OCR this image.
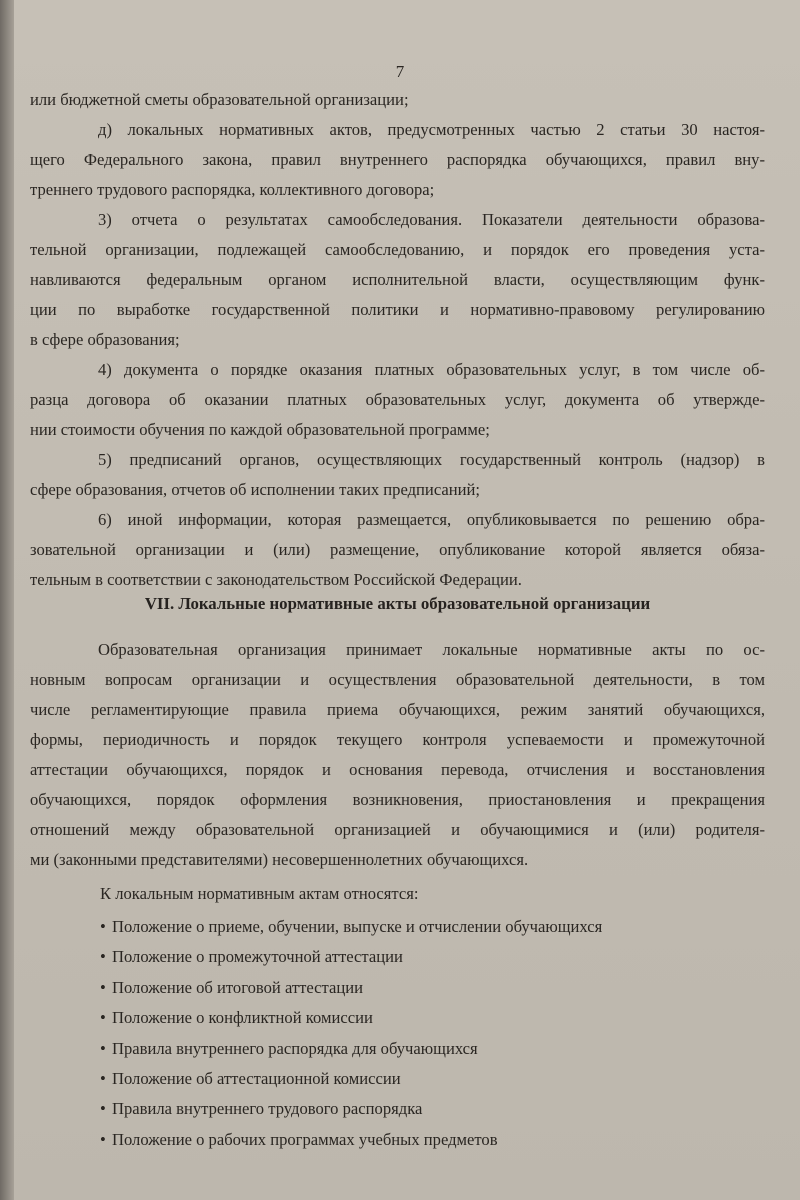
7
или бюджетной сметы образовательной организации;
д) локальных нормативных актов, предусмотренных частью 2 статьи 30 настоя-
щего Федерального закона, правил внутреннего распорядка обучающихся, правил вну-
треннего трудового распорядка, коллективного договора;
3) отчета о результатах самообследования. Показатели деятельности образова-
тельной организации, подлежащей самообследованию, и порядок его проведения уста-
навливаются федеральным органом исполнительной власти, осуществляющим функ-
ции по выработке государственной политики и нормативно-правовому регулированию
в сфере образования;
4) документа о порядке оказания платных образовательных услуг, в том числе об-
разца договора об оказании платных образовательных услуг, документа об утвержде-
нии стоимости обучения по каждой образовательной программе;
5) предписаний органов, осуществляющих государственный контроль (надзор) в
сфере образования, отчетов об исполнении таких предписаний;
6) иной информации, которая размещается, опубликовывается по решению обра-
зовательной организации и (или) размещение, опубликование которой является обяза-
тельным в соответствии с законодательством Российской Федерации.
VII. Локальные нормативные акты образовательной организации
Образовательная организация принимает локальные нормативные акты по ос-
новным вопросам организации и осуществления образовательной деятельности, в том
числе регламентирующие правила приема обучающихся, режим занятий обучающихся,
формы, периодичность и порядок текущего контроля успеваемости и промежуточной
аттестации обучающихся, порядок и основания перевода, отчисления и восстановления
обучающихся, порядок оформления возникновения, приостановления и прекращения
отношений между образовательной организацией и обучающимися и (или) родителя-
ми (законными представителями) несовершеннолетних обучающихся.
К локальным нормативным актам относятся:
• Положение о приеме, обучении, выпуске и отчислении обучающихся
• Положение о промежуточной аттестации
• Положение об итоговой аттестации
• Положение о конфликтной комиссии
• Правила внутреннего распорядка для обучающихся
• Положение об аттестационной комиссии
• Правила внутреннего трудового распорядка
• Положение о рабочих программах учебных предметов
